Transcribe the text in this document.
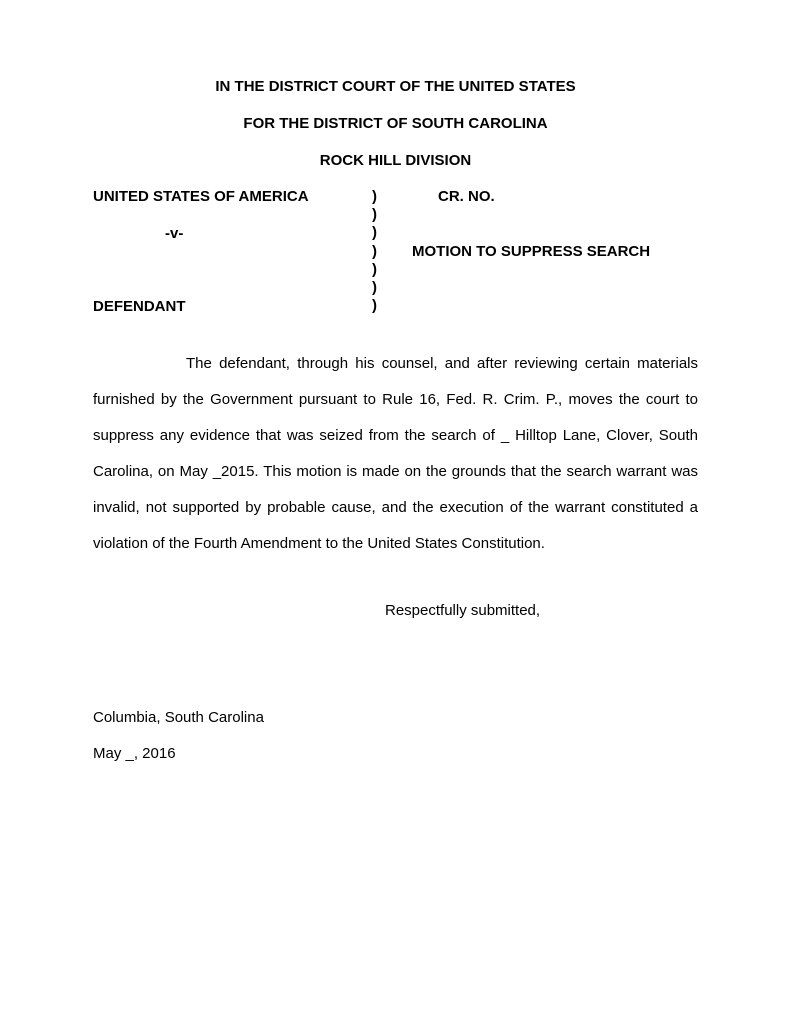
IN THE DISTRICT COURT OF THE UNITED STATES
FOR THE DISTRICT OF SOUTH CAROLINA
ROCK HILL DIVISION
UNITED STATES OF AMERICA
-v-
DEFENDANT
)
)
)
)
)
)
)
CR. NO.
MOTION TO SUPPRESS SEARCH
The defendant, through his counsel, and after reviewing certain materials furnished by the Government pursuant to Rule 16, Fed. R. Crim. P., moves the court to suppress any evidence that was seized from the search of _ Hilltop Lane, Clover, South Carolina, on May _2015. This motion is made on the grounds that the search warrant was invalid, not supported by probable cause, and the execution of the warrant constituted a violation of the Fourth Amendment to the United States Constitution.
Respectfully submitted,
Columbia, South Carolina
May _, 2016
